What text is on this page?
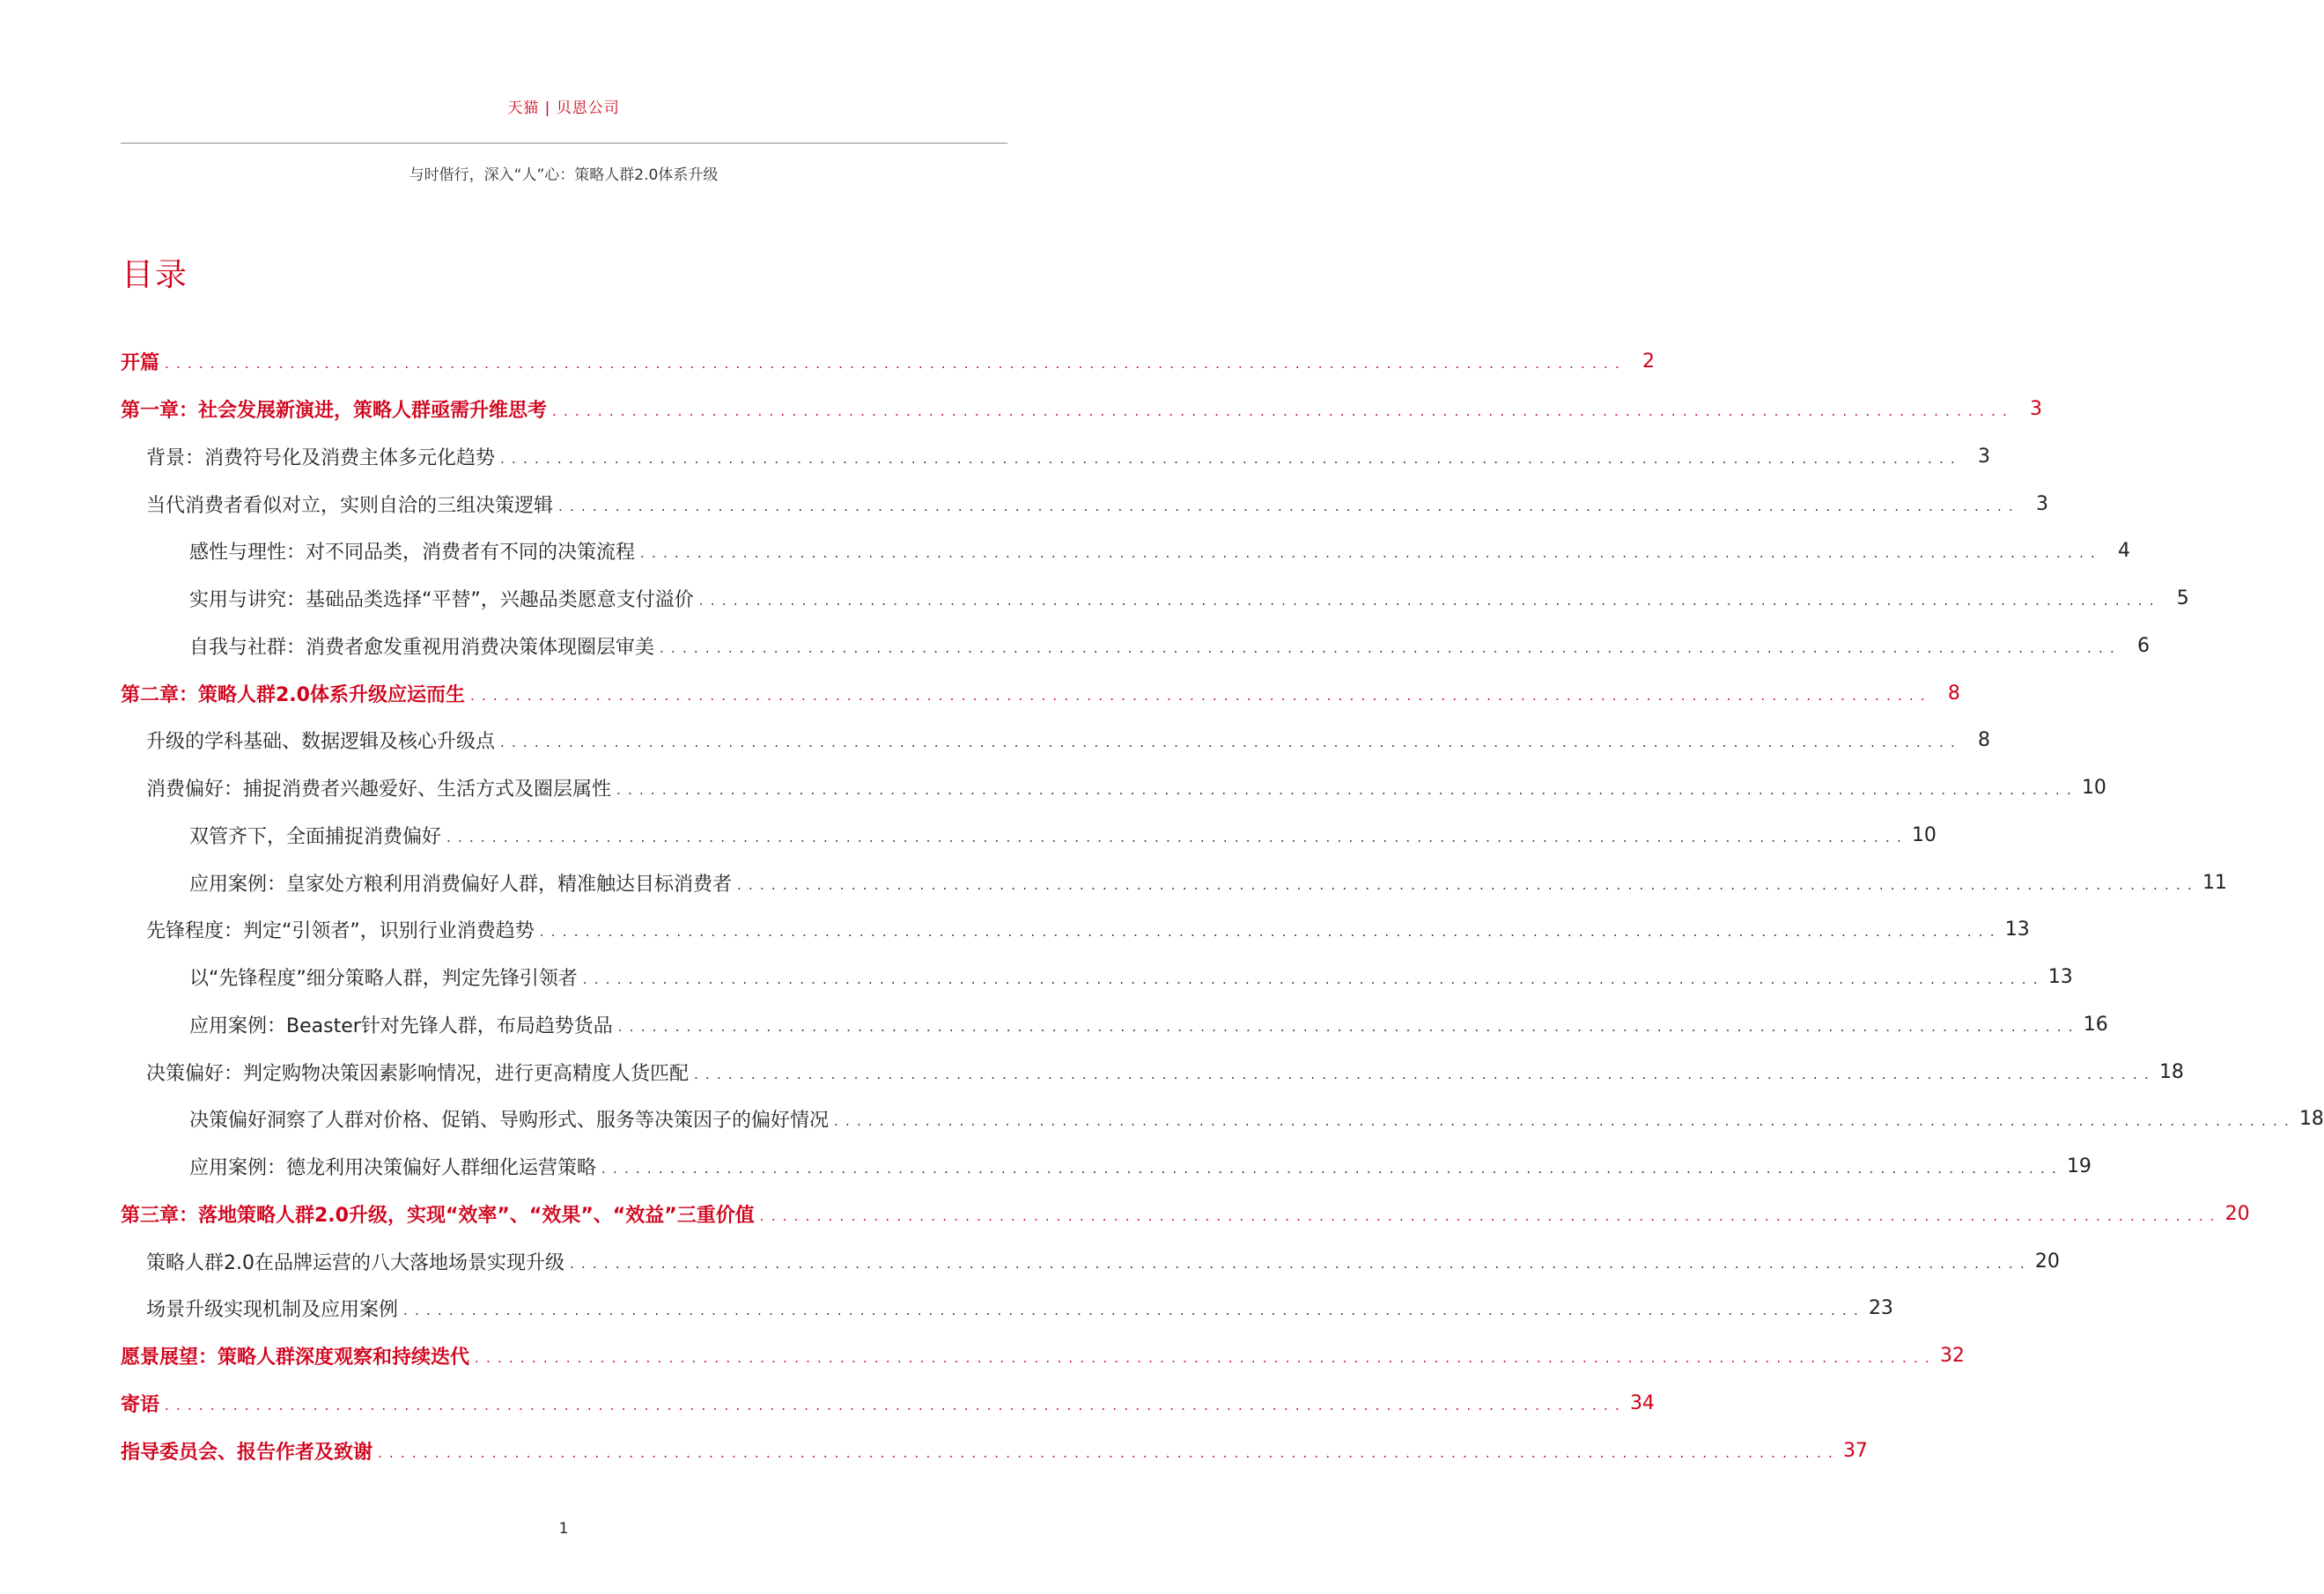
天猫 | 贝恩公司
与时偕行，深入“人”心：策略人群2.0体系升级
目录
开篇 ................................................................................................................................ 2
第一章：社会发展新演进，策略人群亟需升维思考 ................................................................................................................................ 3
背景：消费符号化及消费主体多元化趋势 ................................................................................................................................ 3
当代消费者看似对立，实则自洽的三组决策逻辑 ................................................................................................................................ 3
感性与理性：对不同品类，消费者有不同的决策流程 ................................................................................................................................ 4
实用与讲究：基础品类选择“平替”，兴趣品类愿意支付溢价 ................................................................................................................................ 5
自我与社群：消费者愈发重视用消费决策体现圈层审美 ................................................................................................................................ 6
第二章：策略人群2.0体系升级应运而生 ................................................................................................................................ 8
升级的学科基础、数据逻辑及核心升级点 ................................................................................................................................ 8
消费偏好：捕捉消费者兴趣爱好、生活方式及圈层属性 ................................................................................................................................ 10
双管齐下，全面捕捉消费偏好 ................................................................................................................................ 10
应用案例：皇家处方粮利用消费偏好人群，精准触达目标消费者 ................................................................................................................................ 11
先锋程度：判定“引领者”，识别行业消费趋势 ................................................................................................................................ 13
以“先锋程度”细分策略人群，判定先锋引领者 ................................................................................................................................ 13
应用案例：Beaster针对先锋人群，布局趋势货品 ................................................................................................................................ 16
决策偏好：判定购物决策因素影响情况，进行更高精度人货匹配 ................................................................................................................................ 18
决策偏好洞察了人群对价格、促销、导购形式、服务等决策因子的偏好情况 ................................................................................................................................ 18
应用案例：德龙利用决策偏好人群细化运营策略 ................................................................................................................................ 19
第三章：落地策略人群2.0升级，实现“效率”、“效果”、“效益”三重价值 ................................................................................................................................ 20
策略人群2.0在品牌运营的八大落地场景实现升级 ................................................................................................................................ 20
场景升级实现机制及应用案例 ................................................................................................................................ 23
愿景展望：策略人群深度观察和持续迭代 ................................................................................................................................ 32
寄语 ................................................................................................................................ 34
指导委员会、报告作者及致谢 ................................................................................................................................ 37
1
